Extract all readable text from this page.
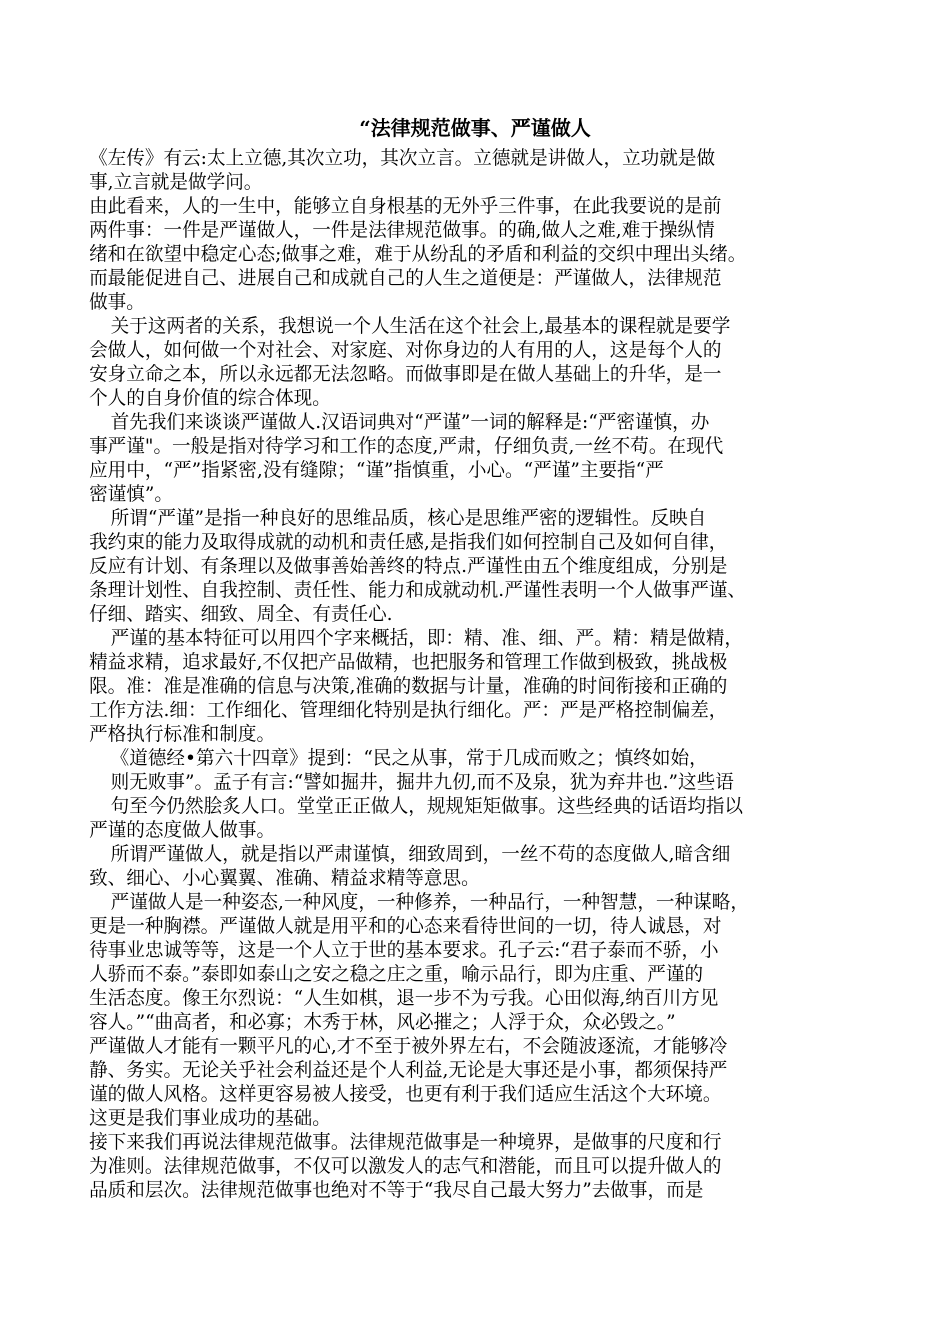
“法律规范做事、严谨做人
《左传》有云:太上立德,其次立功，其次立言。立德就是讲做人，立功就是做
事,立言就是做学问。
由此看来，人的一生中，能够立自身根基的无外乎三件事，在此我要说的是前
两件事：一件是严谨做人，一件是法律规范做事。的确,做人之难,难于操纵情
绪和在欲望中稳定心态;做事之难，难于从纷乱的矛盾和利益的交织中理出头绪。
而最能促进自己、进展自己和成就自己的人生之道便是：严谨做人，法律规范
做事。
关于这两者的关系，我想说一个人生活在这个社会上,最基本的课程就是要学
会做人，如何做一个对社会、对家庭、对你身边的人有用的人，这是每个人的
安身立命之本，所以永远都无法忽略。而做事即是在做人基础上的升华，是一
个人的自身价值的综合体现。
首先我们来谈谈严谨做人.汉语词典对“严谨”一词的解释是:“严密谨慎，办
事严谨"。一般是指对待学习和工作的态度,严肃，仔细负责,一丝不苟。在现代
应用中，“严”指紧密,没有缝隙；“谨”指慎重，小心。“严谨”主要指“严
密谨慎”。
所谓“严谨”是指一种良好的思维品质，核心是思维严密的逻辑性。反映自
我约束的能力及取得成就的动机和责任感,是指我们如何控制自己及如何自律，
反应有计划、有条理以及做事善始善终的特点.严谨性由五个维度组成，分别是
条理计划性、自我控制、责任性、能力和成就动机.严谨性表明一个人做事严谨、
仔细、踏实、细致、周全、有责任心.
严谨的基本特征可以用四个字来概括，即：精、准、细、严。精：精是做精，
精益求精，追求最好,不仅把产品做精，也把服务和管理工作做到极致，挑战极
限。准：准是准确的信息与决策,准确的数据与计量，准确的时间衔接和正确的
工作方法.细：工作细化、管理细化特别是执行细化。严：严是严格控制偏差，
严格执行标准和制度。
《道德经•第六十四章》提到：“民之从事，常于几成而败之；慎终如始，
则无败事”。孟子有言:“譬如掘井，掘井九仞,而不及泉，犹为弃井也.”这些语
句至今仍然脍炙人口。堂堂正正做人，规规矩矩做事。这些经典的话语均指以
严谨的态度做人做事。
所谓严谨做人，就是指以严肃谨慎，细致周到，一丝不苟的态度做人,暗含细
致、细心、小心翼翼、准确、精益求精等意思。
严谨做人是一种姿态,一种风度，一种修养，一种品行，一种智慧，一种谋略，
更是一种胸襟。严谨做人就是用平和的心态来看待世间的一切，待人诚恳，对
待事业忠诚等等，这是一个人立于世的基本要求。孔子云:“君子泰而不骄，小
人骄而不泰。”泰即如泰山之安之稳之庄之重，喻示品行，即为庄重、严谨的
生活态度。像王尔烈说：“人生如棋，退一步不为亏我。心田似海,纳百川方见
容人。”“曲高者，和必寡；木秀于林，风必摧之；人浮于众，众必毁之。”
严谨做人才能有一颗平凡的心,才不至于被外界左右，不会随波逐流，才能够冷
静、务实。无论关乎社会利益还是个人利益,无论是大事还是小事，都须保持严
谨的做人风格。这样更容易被人接受，也更有利于我们适应生活这个大环境。
这更是我们事业成功的基础。
接下来我们再说法律规范做事。法律规范做事是一种境界，是做事的尺度和行
为准则。法律规范做事，不仅可以激发人的志气和潜能，而且可以提升做人的
品质和层次。法律规范做事也绝对不等于“我尽自己最大努力”去做事，而是
